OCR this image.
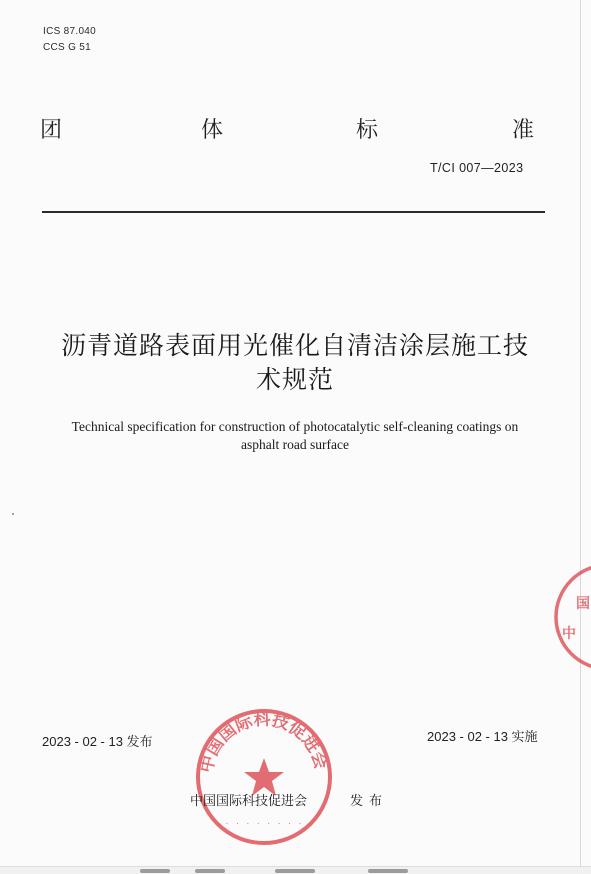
ICS 87.040
CCS G 51
团	体	标	准
T/CI 007—2023
沥青道路表面用光催化自清洁涂层施工技
术规范
Technical specification for construction of photocatalytic self-cleaning coatings on
asphalt road surface
2023 - 02 - 13 发布	2023 - 02 - 13 实施
中国国际科技促进会
· · · · · · · · · ·
中国国际科技促进会	发布
中
国
